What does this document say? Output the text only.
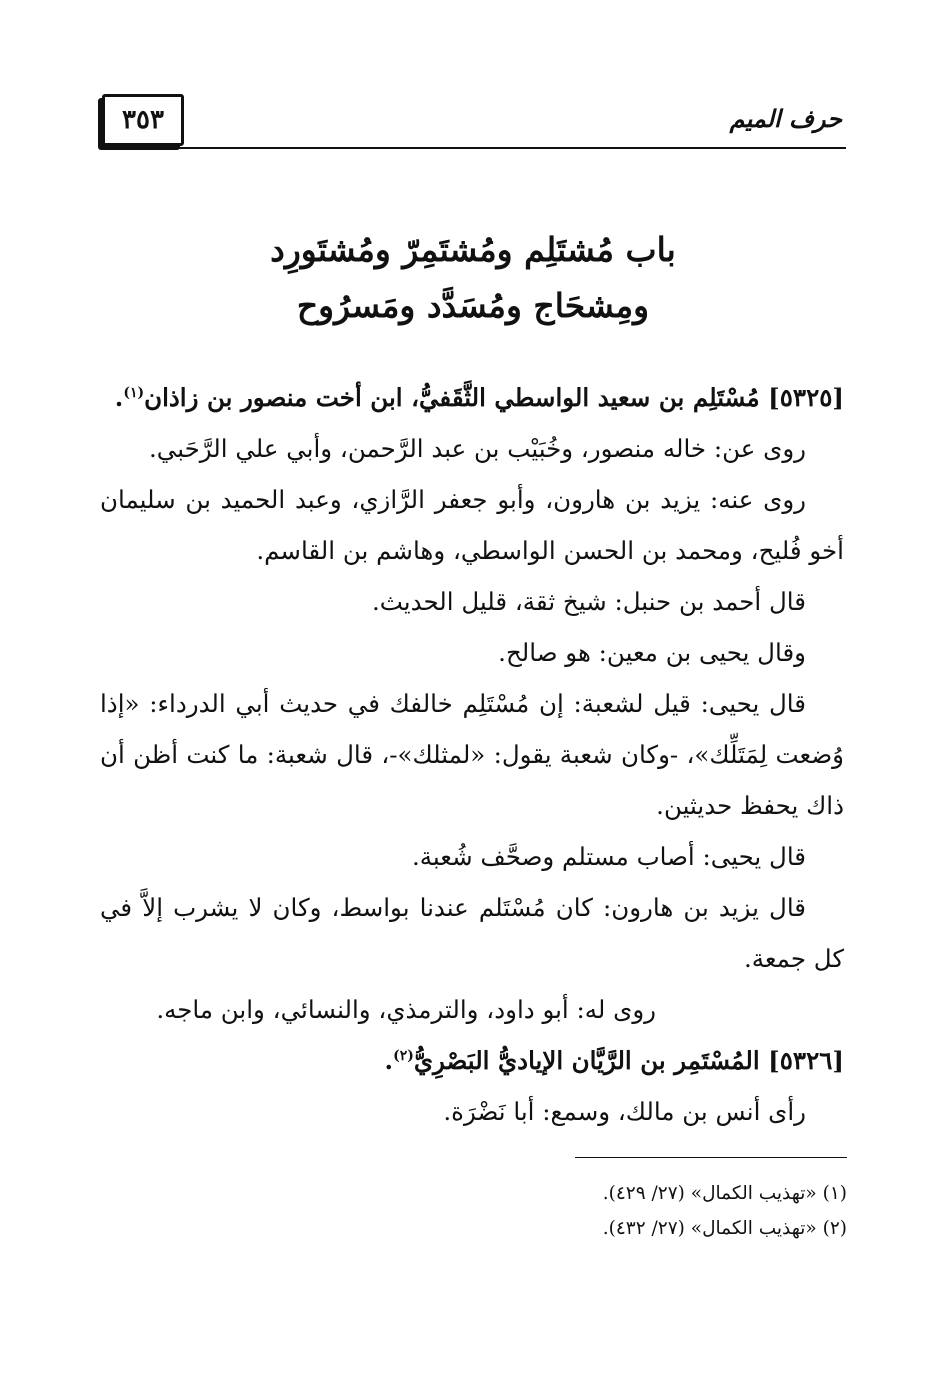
٣٥٣	حرف الميم
باب مُشتَلِم ومُشتَمِرّ ومُشتَورِد
ومِشحَاج ومُسَدَّد ومَسرُوح

[٥٣٢٥] مُسْتَلِم بن سعيد الواسطي الثَّقَفيُّ، ابن أخت منصور بن زاذان$^{(١)}$.

روى عن: خاله منصور، وخُبَيْب بن عبد الرَّحمن، وأبي علي الرَّحَبي.

روى عنه: يزيد بن هارون، وأبو جعفر الرَّازي، وعبد الحميد بن سليمان أخو فُليح، ومحمد بن الحسن الواسطي، وهاشم بن القاسم.

قال أحمد بن حنبل: شيخ ثقة، قليل الحديث.

وقال يحيى بن معين: هو صالح.

قال يحيى: قيل لشعبة: إن مُسْتَلِم خالفك في حديث أبي الدرداء: «إذا وُضعت لِمَتَلِّك»، -وكان شعبة يقول: «لمثلك»-، قال شعبة: ما كنت أظن أن ذاك يحفظ حديثين.

قال يحيى: أصاب مستلم وصحَّف شُعبة.

قال يزيد بن هارون: كان مُسْتَلم عندنا بواسط، وكان لا يشرب إلاَّ في كل جمعة.

روى له: أبو داود، والترمذي، والنسائي، وابن ماجه.

[٥٣٢٦] المُسْتَمِر بن الرَّيَّان الإياديُّ البَصْرِيُّ$^{(٢)}$.

رأى أنس بن مالك، وسمع: أبا نَضْرَة.

(١) «تهذيب الكمال» (٢٧/ ٤٢٩).

(٢) «تهذيب الكمال» (٢٧/ ٤٣٢).
